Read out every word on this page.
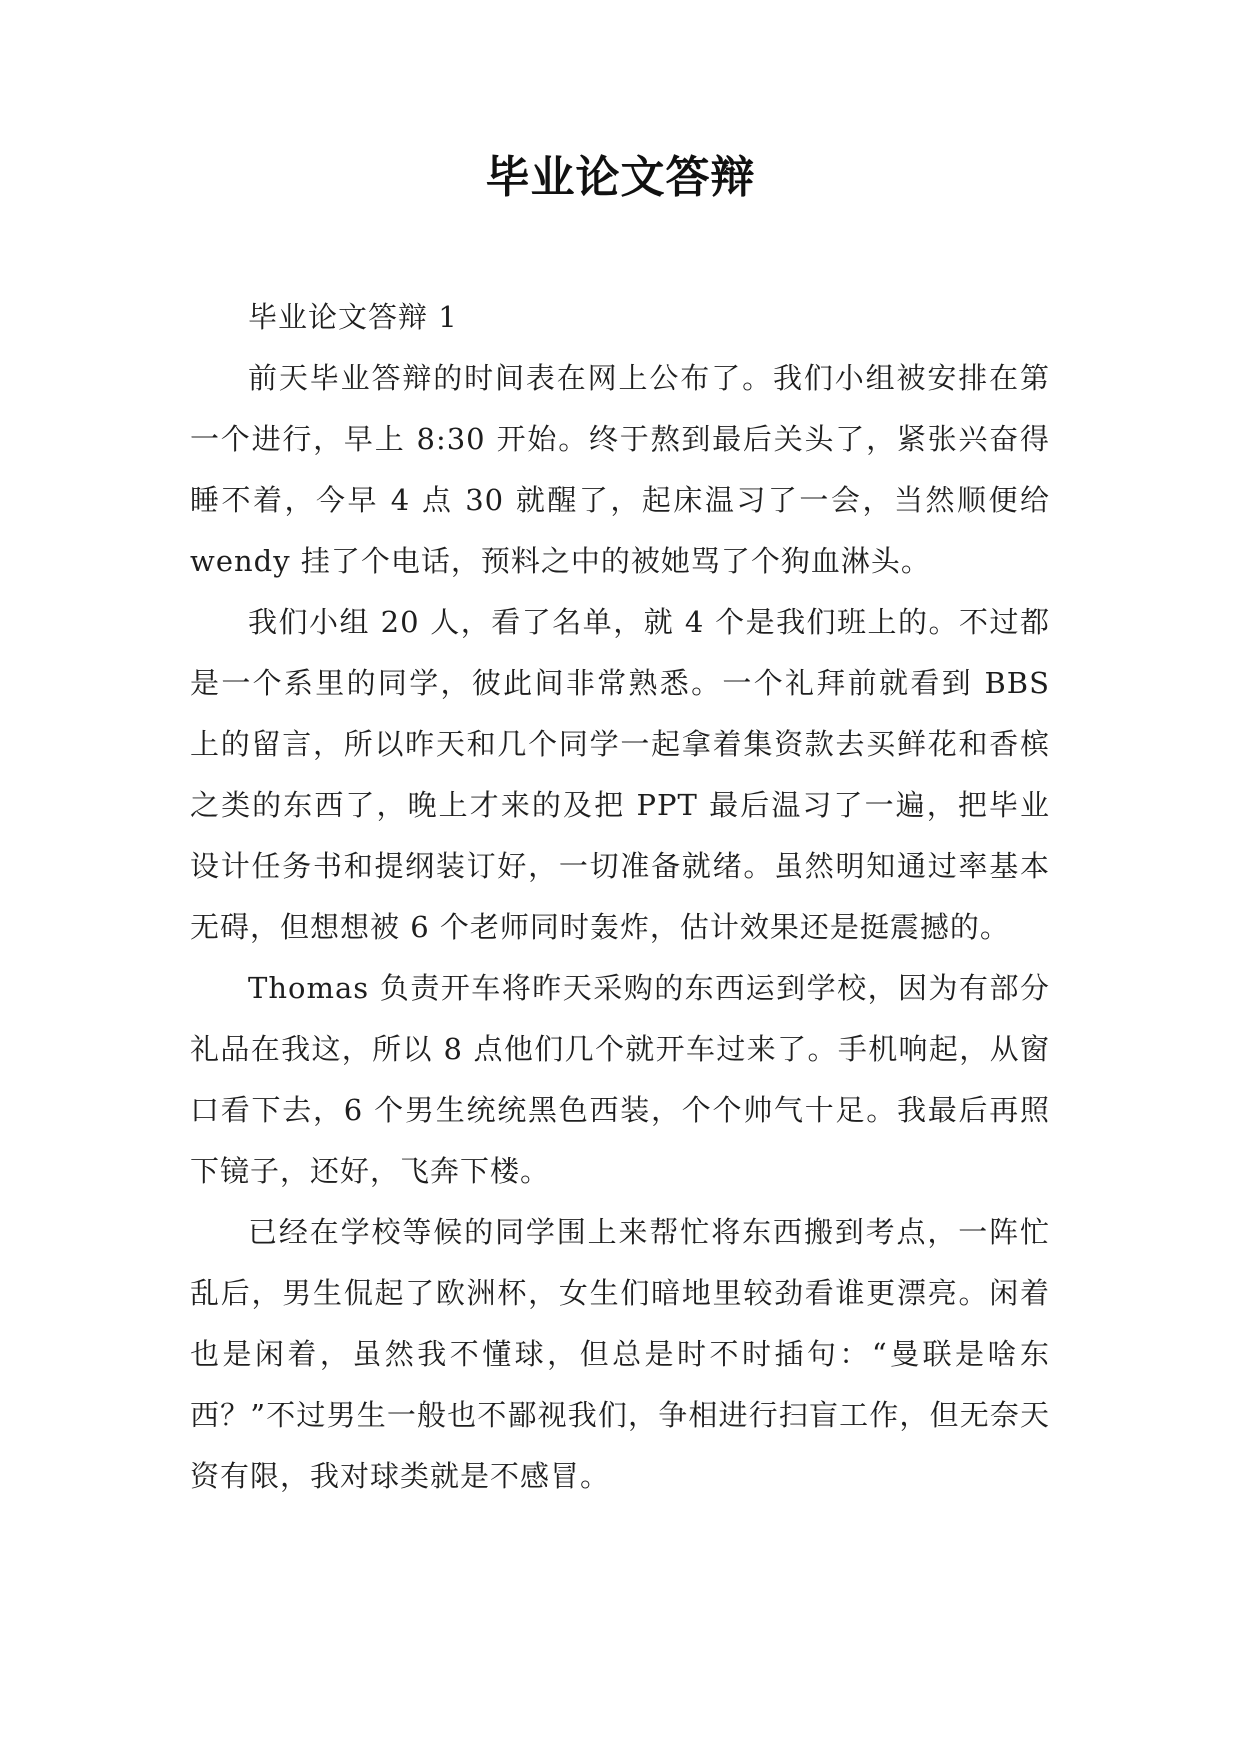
毕业论文答辩

毕业论文答辩 1

前天毕业答辩的时间表在网上公布了。我们小组被安排在第一个进行，早上 8:30 开始。终于熬到最后关头了，紧张兴奋得睡不着，今早 4 点 30 就醒了，起床温习了一会，当然顺便给 wendy 挂了个电话，预料之中的被她骂了个狗血淋头。

我们小组 20 人，看了名单，就 4 个是我们班上的。不过都是一个系里的同学，彼此间非常熟悉。一个礼拜前就看到 BBS 上的留言，所以昨天和几个同学一起拿着集资款去买鲜花和香槟之类的东西了，晚上才来的及把 PPT 最后温习了一遍，把毕业设计任务书和提纲装订好，一切准备就绪。虽然明知通过率基本无碍，但想想被 6 个老师同时轰炸，估计效果还是挺震撼的。

Thomas 负责开车将昨天采购的东西运到学校，因为有部分礼品在我这，所以 8 点他们几个就开车过来了。手机响起，从窗口看下去，6 个男生统统黑色西装，个个帅气十足。我最后再照下镜子，还好，飞奔下楼。

已经在学校等候的同学围上来帮忙将东西搬到考点，一阵忙乱后，男生侃起了欧洲杯，女生们暗地里较劲看谁更漂亮。闲着也是闲着，虽然我不懂球，但总是时不时插句：“曼联是啥东西？”不过男生一般也不鄙视我们，争相进行扫盲工作，但无奈天资有限，我对球类就是不感冒。
